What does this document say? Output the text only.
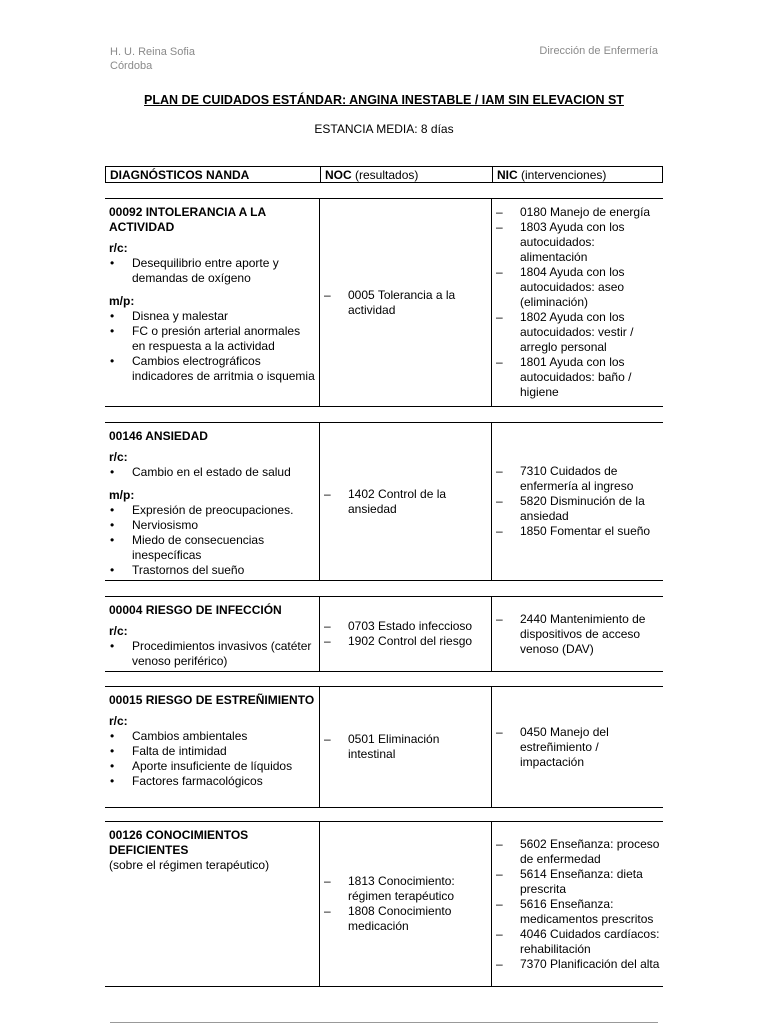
H. U. Reina Sofia
Córdoba
Dirección de Enfermería
PLAN DE CUIDADOS ESTÁNDAR: ANGINA INESTABLE / IAM SIN ELEVACION ST
ESTANCIA MEDIA: 8 días
DIAGNÓSTICOS NANDA	NOC (resultados)	NIC (intervenciones)
00092 INTOLERANCIA A LA ACTIVIDAD
r/c:
• Desequilibrio entre aporte y demandas de oxígeno
m/p:
• Disnea y malestar
• FC o presión arterial anormales en respuesta a la actividad
• Cambios electrográficos indicadores de arritmia o isquemia
– 0005 Tolerancia a la actividad
– 0180 Manejo de energía
– 1803 Ayuda con los autocuidados: alimentación
– 1804 Ayuda con los autocuidados: aseo (eliminación)
– 1802 Ayuda con los autocuidados: vestir / arreglo personal
– 1801 Ayuda con los autocuidados: baño / higiene
00146 ANSIEDAD
r/c:
• Cambio en el estado de salud
m/p:
• Expresión de preocupaciones.
• Nerviosismo
• Miedo de consecuencias inespecíficas
• Trastornos del sueño
– 1402 Control de la ansiedad
– 7310 Cuidados de enfermería al ingreso
– 5820 Disminución de la ansiedad
– 1850 Fomentar el sueño
00004 RIESGO DE INFECCIÓN
r/c:
• Procedimientos invasivos (catéter venoso periférico)
– 0703 Estado infeccioso
– 1902 Control del riesgo
– 2440 Mantenimiento de dispositivos de acceso venoso (DAV)
00015 RIESGO DE ESTREÑIMIENTO
r/c:
• Cambios ambientales
• Falta de intimidad
• Aporte insuficiente de líquidos
• Factores farmacológicos
– 0501 Eliminación intestinal
– 0450 Manejo del estreñimiento / impactación
00126 CONOCIMIENTOS DEFICIENTES
(sobre el régimen terapéutico)
– 1813 Conocimiento: régimen terapéutico
– 1808 Conocimiento medicación
– 5602 Enseñanza: proceso de enfermedad
– 5614 Enseñanza: dieta prescrita
– 5616 Enseñanza: medicamentos prescritos
– 4046 Cuidados cardíacos: rehabilitación
– 7370 Planificación del alta
